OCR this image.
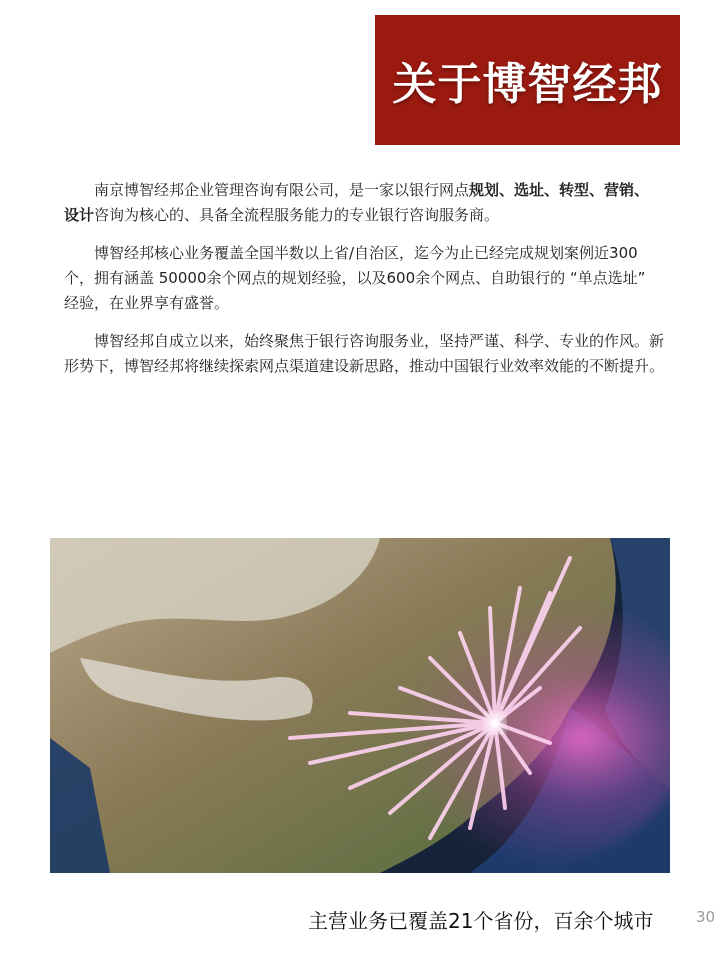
关于博智经邦

南京博智经邦企业管理咨询有限公司，是一家以银行网点规划、选址、转型、营销、设计咨询为核心的、具备全流程服务能力的专业银行咨询服务商。

博智经邦核心业务覆盖全国半数以上省/自治区，迄今为止已经完成规划案例近300个，拥有涵盖 50000余个网点的规划经验，以及600余个网点、自助银行的 “单点选址” 经验，在业界享有盛誉。

博智经邦自成立以来，始终聚焦于银行咨询服务业，坚持严谨、科学、专业的作风。新形势下，博智经邦将继续探索网点渠道建设新思路，推动中国银行业效率效能的不断提升。

主营业务已覆盖21个省份，百余个城市	30
